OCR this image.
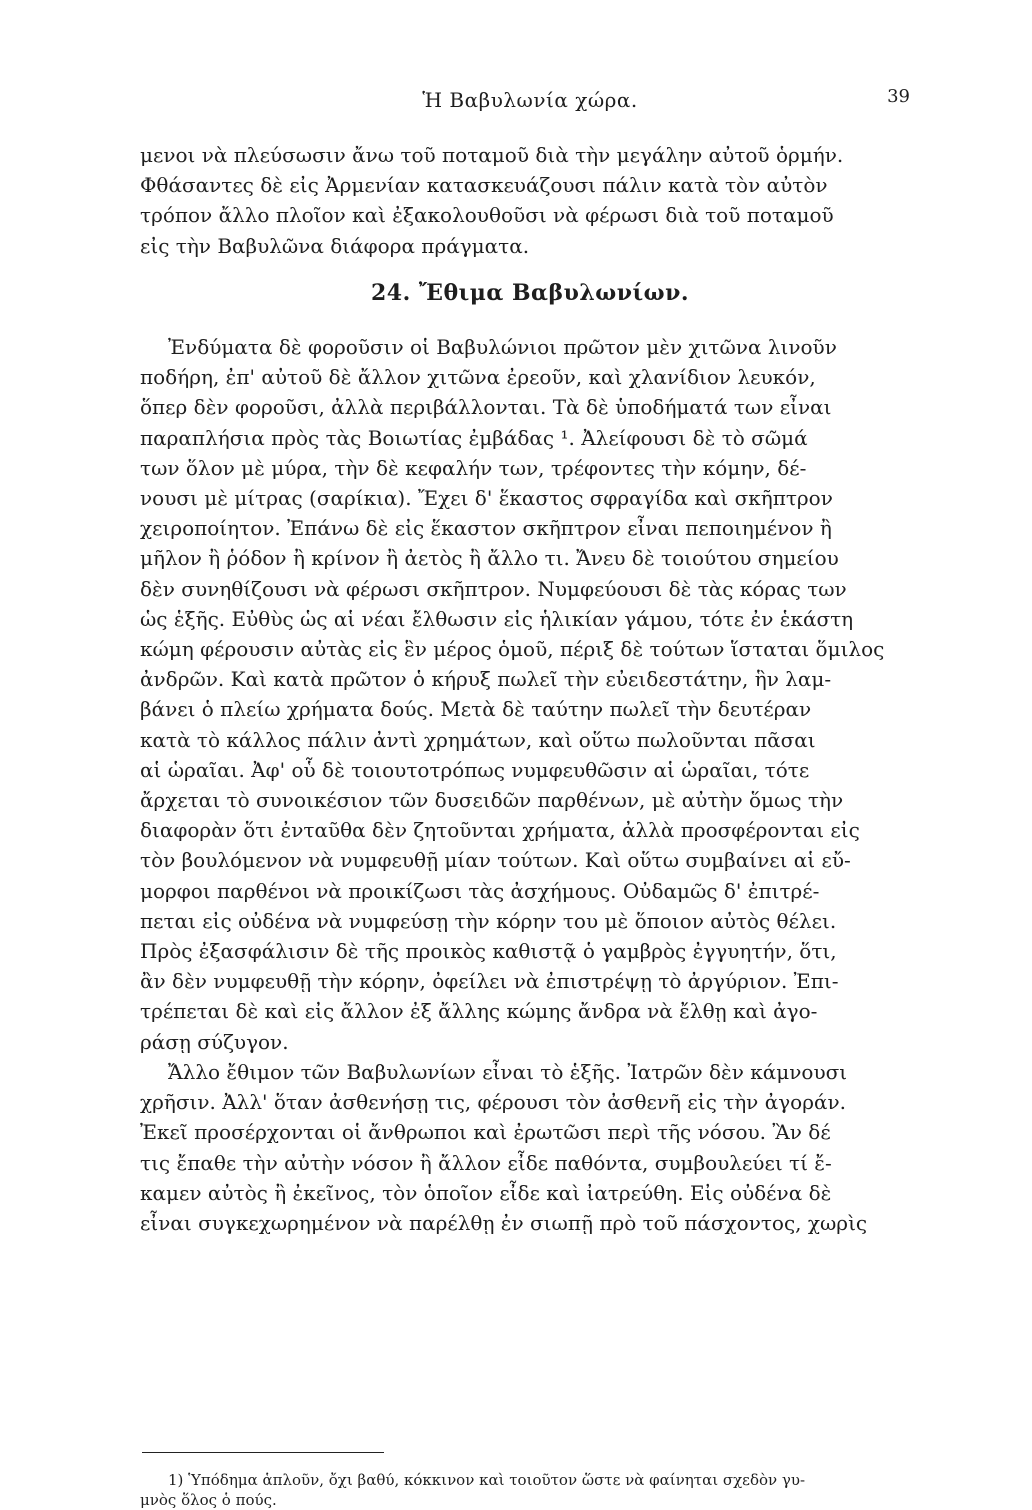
Ἡ Βαβυλωνία χώρα.	39
μενοι νὰ πλεύσωσιν ἄνω τοῦ ποταμοῦ διὰ τὴν μεγάλην αὐτοῦ ὁρμήν.
Φθάσαντες δὲ εἰς Ἀρμενίαν κατασκευάζουσι πάλιν κατὰ τὸν αὐτὸν
τρόπον ἄλλο πλοῖον καὶ ἐξακολουθοῦσι νὰ φέρωσι διὰ τοῦ ποταμοῦ
εἰς τὴν Βαβυλῶνα διάφορα πράγματα.
24. Ἔθιμα Βαβυλωνίων.
Ἐνδύματα δὲ φοροῦσιν οἱ Βαβυλώνιοι πρῶτον μὲν χιτῶνα λινοῦν
ποδήρη, ἐπ' αὐτοῦ δὲ ἄλλον χιτῶνα ἐρεοῦν, καὶ χλανίδιον λευκόν,
ὅπερ δὲν φοροῦσι, ἀλλὰ περιβάλλονται. Τὰ δὲ ὑποδήματά των εἶναι
παραπλήσια πρὸς τὰς Βοιωτίας ἐμβάδας ¹. Ἀλείφουσι δὲ τὸ σῶμά
των ὅλον μὲ μύρα, τὴν δὲ κεφαλήν των, τρέφοντες τὴν κόμην, δέ-
νουσι μὲ μίτρας (σαρίκια). Ἔχει δ' ἕκαστος σφραγίδα καὶ σκῆπτρον
χειροποίητον. Ἐπάνω δὲ εἰς ἕκαστον σκῆπτρον εἶναι πεποιημένον ἢ
μῆλον ἢ ῥόδον ἢ κρίνον ἢ ἀετὸς ἢ ἄλλο τι. Ἄνευ δὲ τοιούτου σημείου
δὲν συνηθίζουσι νὰ φέρωσι σκῆπτρον. Νυμφεύουσι δὲ τὰς κόρας των
ὡς ἑξῆς. Εὐθὺς ὡς αἱ νέαι ἔλθωσιν εἰς ἡλικίαν γάμου, τότε ἐν ἑκάστη
κώμη φέρουσιν αὐτὰς εἰς ἓν μέρος ὁμοῦ, πέριξ δὲ τούτων ἵσταται ὅμιλος
ἀνδρῶν. Καὶ κατὰ πρῶτον ὁ κήρυξ πωλεῖ τὴν εὐειδεστάτην, ἣν λαμ-
βάνει ὁ πλείω χρήματα δούς. Μετὰ δὲ ταύτην πωλεῖ τὴν δευτέραν
κατὰ τὸ κάλλος πάλιν ἀντὶ χρημάτων, καὶ οὕτω πωλοῦνται πᾶσαι
αἱ ὡραῖαι. Ἀφ' οὗ δὲ τοιουτοτρόπως νυμφευθῶσιν αἱ ὡραῖαι, τότε
ἄρχεται τὸ συνοικέσιον τῶν δυσειδῶν παρθένων, μὲ αὐτὴν ὅμως τὴν
διαφορὰν ὅτι ἐνταῦθα δὲν ζητοῦνται χρήματα, ἀλλὰ προσφέρονται εἰς
τὸν βουλόμενον νὰ νυμφευθῇ μίαν τούτων. Καὶ οὕτω συμβαίνει αἱ εὔ-
μορφοι παρθένοι νὰ προικίζωσι τὰς ἀσχήμους. Οὐδαμῶς δ' ἐπιτρέ-
πεται εἰς οὐδένα νὰ νυμφεύσῃ τὴν κόρην του μὲ ὅποιον αὐτὸς θέλει.
Πρὸς ἐξασφάλισιν δὲ τῆς προικὸς καθιστᾷ ὁ γαμβρὸς ἐγγυητήν, ὅτι,
ἂν δὲν νυμφευθῇ τὴν κόρην, ὀφείλει νὰ ἐπιστρέψῃ τὸ ἀργύριον. Ἐπι-
τρέπεται δὲ καὶ εἰς ἄλλον ἐξ ἄλλης κώμης ἄνδρα νὰ ἔλθῃ καὶ ἀγο-
ράσῃ σύζυγον.
Ἄλλο ἔθιμον τῶν Βαβυλωνίων εἶναι τὸ ἑξῆς. Ἰατρῶν δὲν κάμνουσι
χρῆσιν. Ἀλλ' ὅταν ἀσθενήσῃ τις, φέρουσι τὸν ἀσθενῆ εἰς τὴν ἀγοράν.
Ἐκεῖ προσέρχονται οἱ ἄνθρωποι καὶ ἐρωτῶσι περὶ τῆς νόσου. Ἂν δέ
τις ἔπαθε τὴν αὐτὴν νόσον ἢ ἄλλον εἶδε παθόντα, συμβουλεύει τί ἔ-
καμεν αὐτὸς ἢ ἐκεῖνος, τὸν ὁποῖον εἶδε καὶ ἰατρεύθη. Εἰς οὐδένα δὲ
εἶναι συγκεχωρημένον νὰ παρέλθῃ ἐν σιωπῇ πρὸ τοῦ πάσχοντος, χωρὶς
1) Ὑπόδημα ἁπλοῦν, ὄχι βαθύ, κόκκινον καὶ τοιοῦτον ὥστε νὰ φαίνηται σχεδὸν γυ-
μνὸς ὅλος ὁ πούς.
